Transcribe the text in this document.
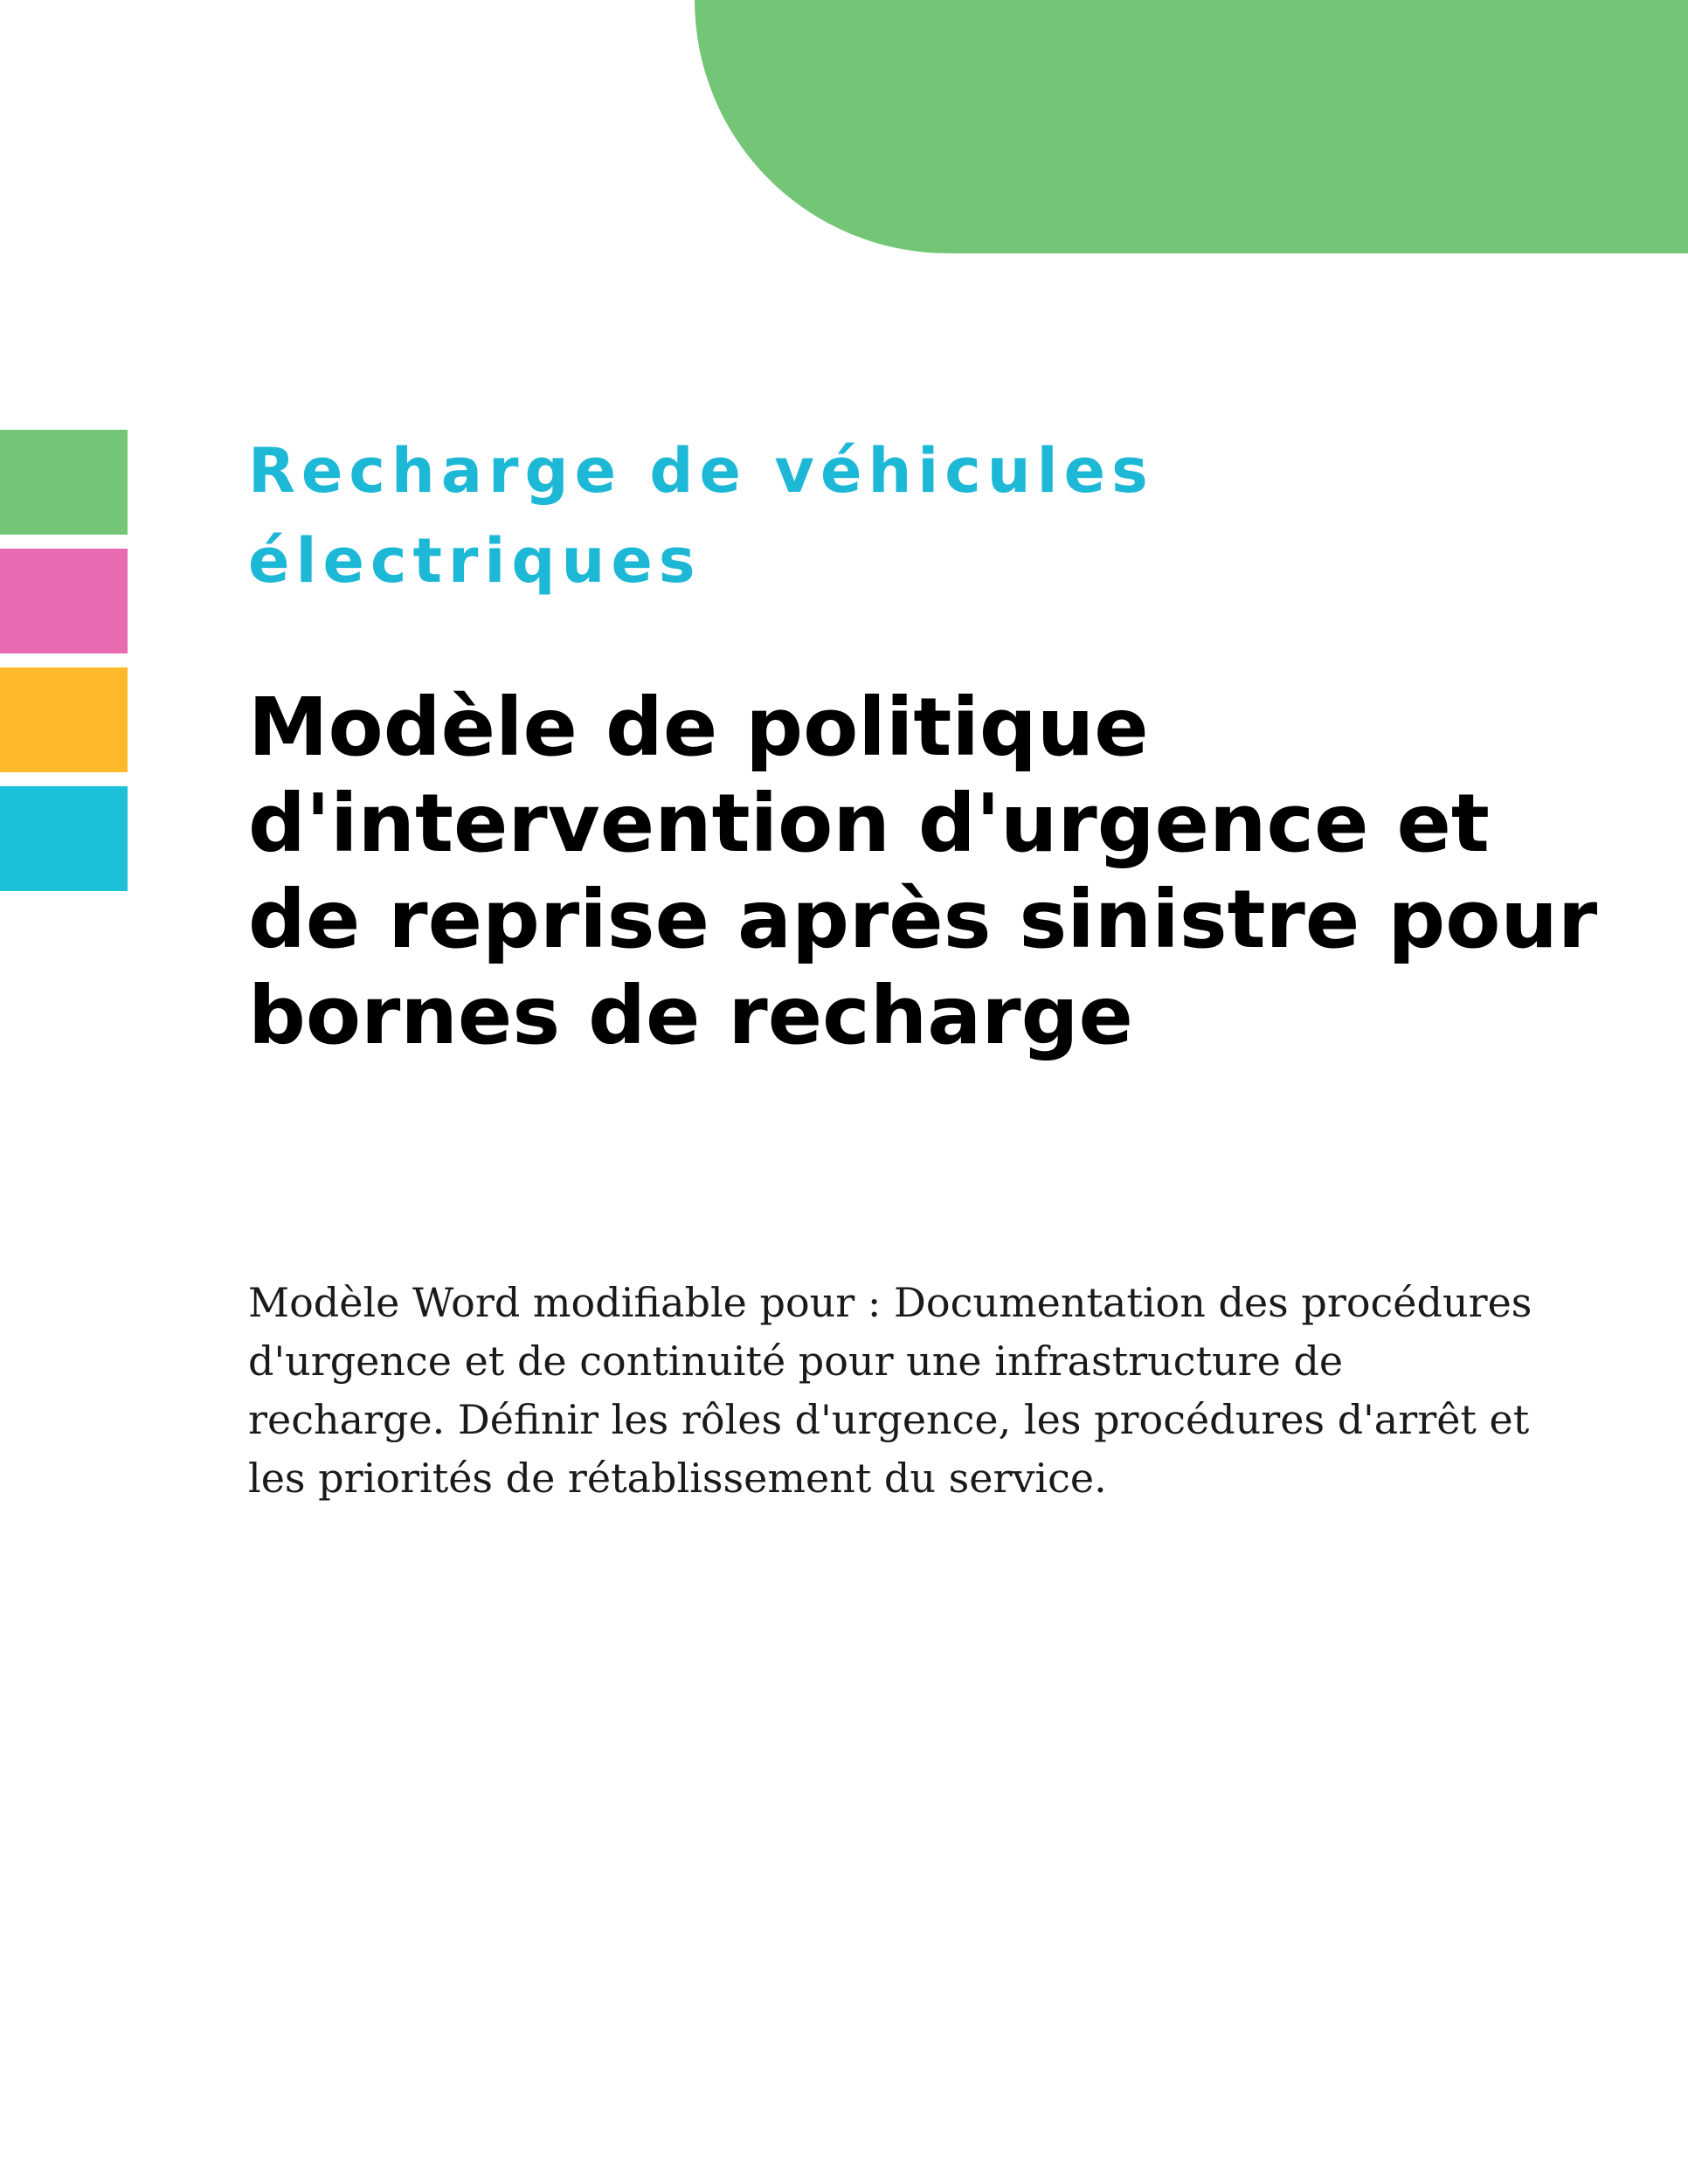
Recharge de véhicules électriques
Modèle de politique d'intervention d'urgence et de reprise après sinistre pour bornes de recharge

Modèle Word modifiable pour : Documentation des procédures d'urgence et de continuité pour une infrastructure de recharge. Définir les rôles d'urgence, les procédures d'arrêt et les priorités de rétablissement du service.
